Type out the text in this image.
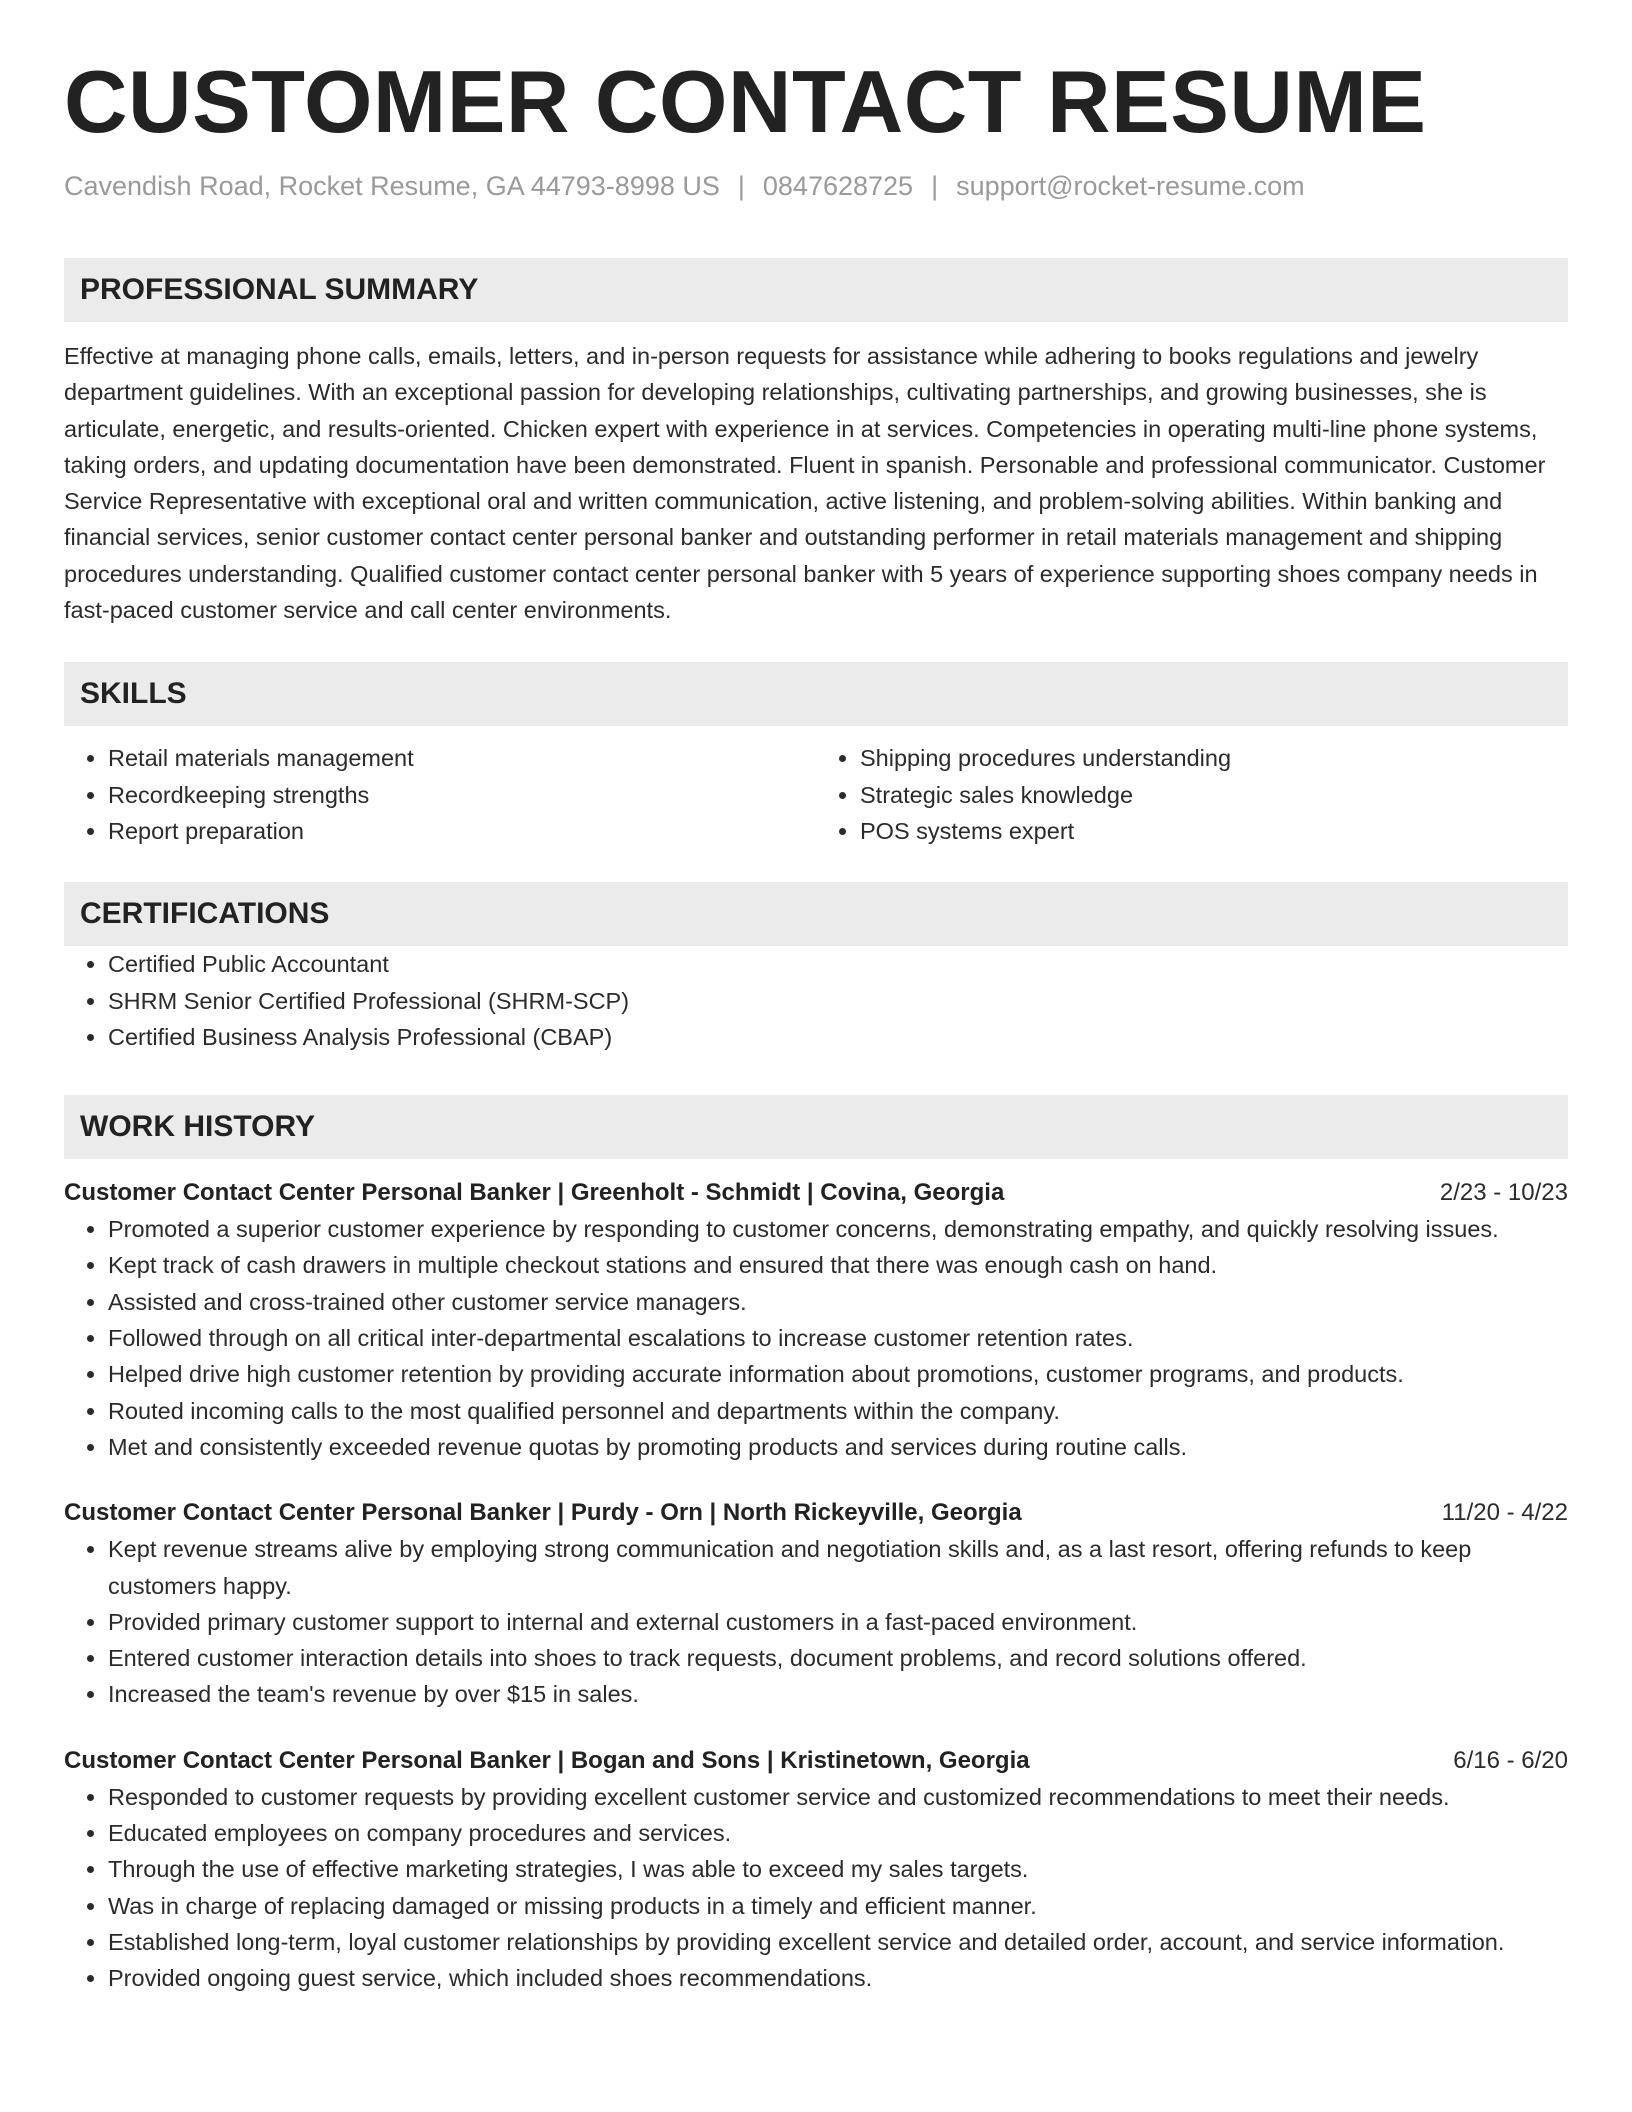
CUSTOMER CONTACT RESUME
Cavendish Road, Rocket Resume, GA 44793-8998 US | 0847628725 | support@rocket-resume.com
PROFESSIONAL SUMMARY

Effective at managing phone calls, emails, letters, and in-person requests for assistance while adhering to books regulations and jewelry department guidelines. With an exceptional passion for developing relationships, cultivating partnerships, and growing businesses, she is articulate, energetic, and results-oriented. Chicken expert with experience in at services. Competencies in operating multi-line phone systems, taking orders, and updating documentation have been demonstrated. Fluent in spanish. Personable and professional communicator. Customer Service Representative with exceptional oral and written communication, active listening, and problem-solving abilities. Within banking and financial services, senior customer contact center personal banker and outstanding performer in retail materials management and shipping procedures understanding. Qualified customer contact center personal banker with 5 years of experience supporting shoes company needs in fast-paced customer service and call center environments.

SKILLS
• Retail materials management
• Recordkeeping strengths
• Report preparation
• Shipping procedures understanding
• Strategic sales knowledge
• POS systems expert
CERTIFICATIONS
• Certified Public Accountant
• SHRM Senior Certified Professional (SHRM-SCP)
• Certified Business Analysis Professional (CBAP)
WORK HISTORY
Customer Contact Center Personal Banker | Greenholt - Schmidt | Covina, Georgia	2/23 - 10/23
• Promoted a superior customer experience by responding to customer concerns, demonstrating empathy, and quickly resolving issues.
• Kept track of cash drawers in multiple checkout stations and ensured that there was enough cash on hand.
• Assisted and cross-trained other customer service managers.
• Followed through on all critical inter-departmental escalations to increase customer retention rates.
• Helped drive high customer retention by providing accurate information about promotions, customer programs, and products.
• Routed incoming calls to the most qualified personnel and departments within the company.
• Met and consistently exceeded revenue quotas by promoting products and services during routine calls.
Customer Contact Center Personal Banker | Purdy - Orn | North Rickeyville, Georgia	11/20 - 4/22
• Kept revenue streams alive by employing strong communication and negotiation skills and, as a last resort, offering refunds to keep customers happy.
• Provided primary customer support to internal and external customers in a fast-paced environment.
• Entered customer interaction details into shoes to track requests, document problems, and record solutions offered.
• Increased the team's revenue by over $15 in sales.
Customer Contact Center Personal Banker | Bogan and Sons | Kristinetown, Georgia	6/16 - 6/20
• Responded to customer requests by providing excellent customer service and customized recommendations to meet their needs.
• Educated employees on company procedures and services.
• Through the use of effective marketing strategies, I was able to exceed my sales targets.
• Was in charge of replacing damaged or missing products in a timely and efficient manner.
• Established long-term, loyal customer relationships by providing excellent service and detailed order, account, and service information.
• Provided ongoing guest service, which included shoes recommendations.
